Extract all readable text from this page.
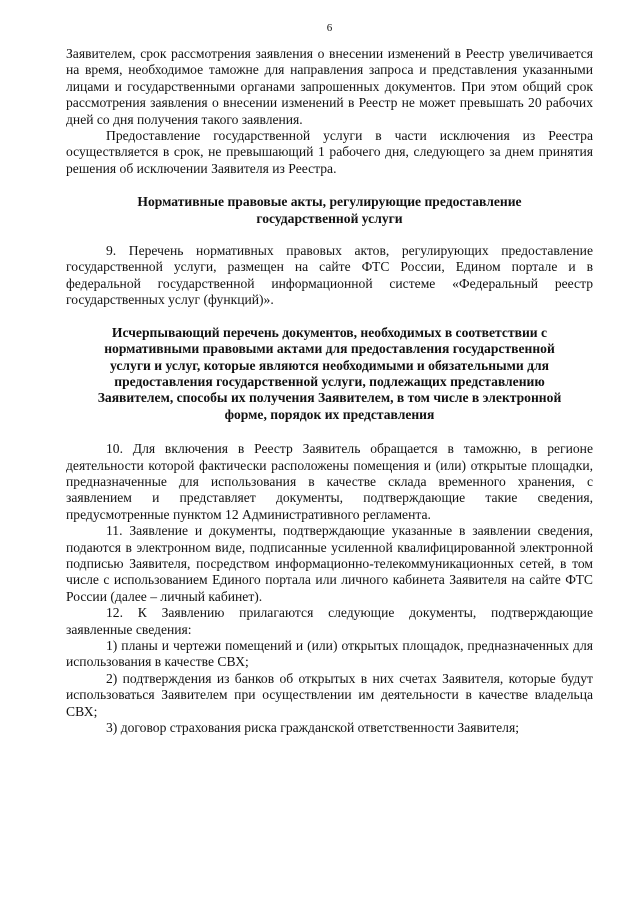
6

Заявителем, срок рассмотрения заявления о внесении изменений в Реестр увеличивается на время, необходимое таможне для направления запроса и представления указанными лицами и государственными органами запрошенных документов. При этом общий срок рассмотрения заявления о внесении изменений в Реестр не может превышать 20 рабочих дней со дня получения такого заявления.

Предоставление государственной услуги в части исключения из Реестра осуществляется в срок, не превышающий 1 рабочего дня, следующего за днем принятия решения об исключении Заявителя из Реестра.

Нормативные правовые акты, регулирующие предоставление
государственной услуги

9. Перечень нормативных правовых актов, регулирующих предоставление государственной услуги, размещен на сайте ФТС России, Едином портале и в федеральной государственной информационной системе «Федеральный реестр государственных услуг (функций)».

Исчерпывающий перечень документов, необходимых в соответствии с
нормативными правовыми актами для предоставления государственной
услуги и услуг, которые являются необходимыми и обязательными для
предоставления государственной услуги, подлежащих представлению
Заявителем, способы их получения Заявителем, в том числе в электронной
форме, порядок их представления

10. Для включения в Реестр Заявитель обращается в таможню, в регионе деятельности которой фактически расположены помещения и (или) открытые площадки, предназначенные для использования в качестве склада временного хранения, с заявлением и представляет документы, подтверждающие такие сведения, предусмотренные пунктом 12 Административного регламента.

11. Заявление и документы, подтверждающие указанные в заявлении сведения, подаются в электронном виде, подписанные усиленной квалифицированной электронной подписью Заявителя, посредством информационно-телекоммуникационных сетей, в том числе с использованием Единого портала или личного кабинета Заявителя на сайте ФТС России (далее – личный кабинет).

12. К Заявлению прилагаются следующие документы, подтверждающие заявленные сведения:

1) планы и чертежи помещений и (или) открытых площадок, предназначенных для использования в качестве СВХ;

2) подтверждения из банков об открытых в них счетах Заявителя, которые будут использоваться Заявителем при осуществлении им деятельности в качестве владельца СВХ;

3) договор страхования риска гражданской ответственности Заявителя;
